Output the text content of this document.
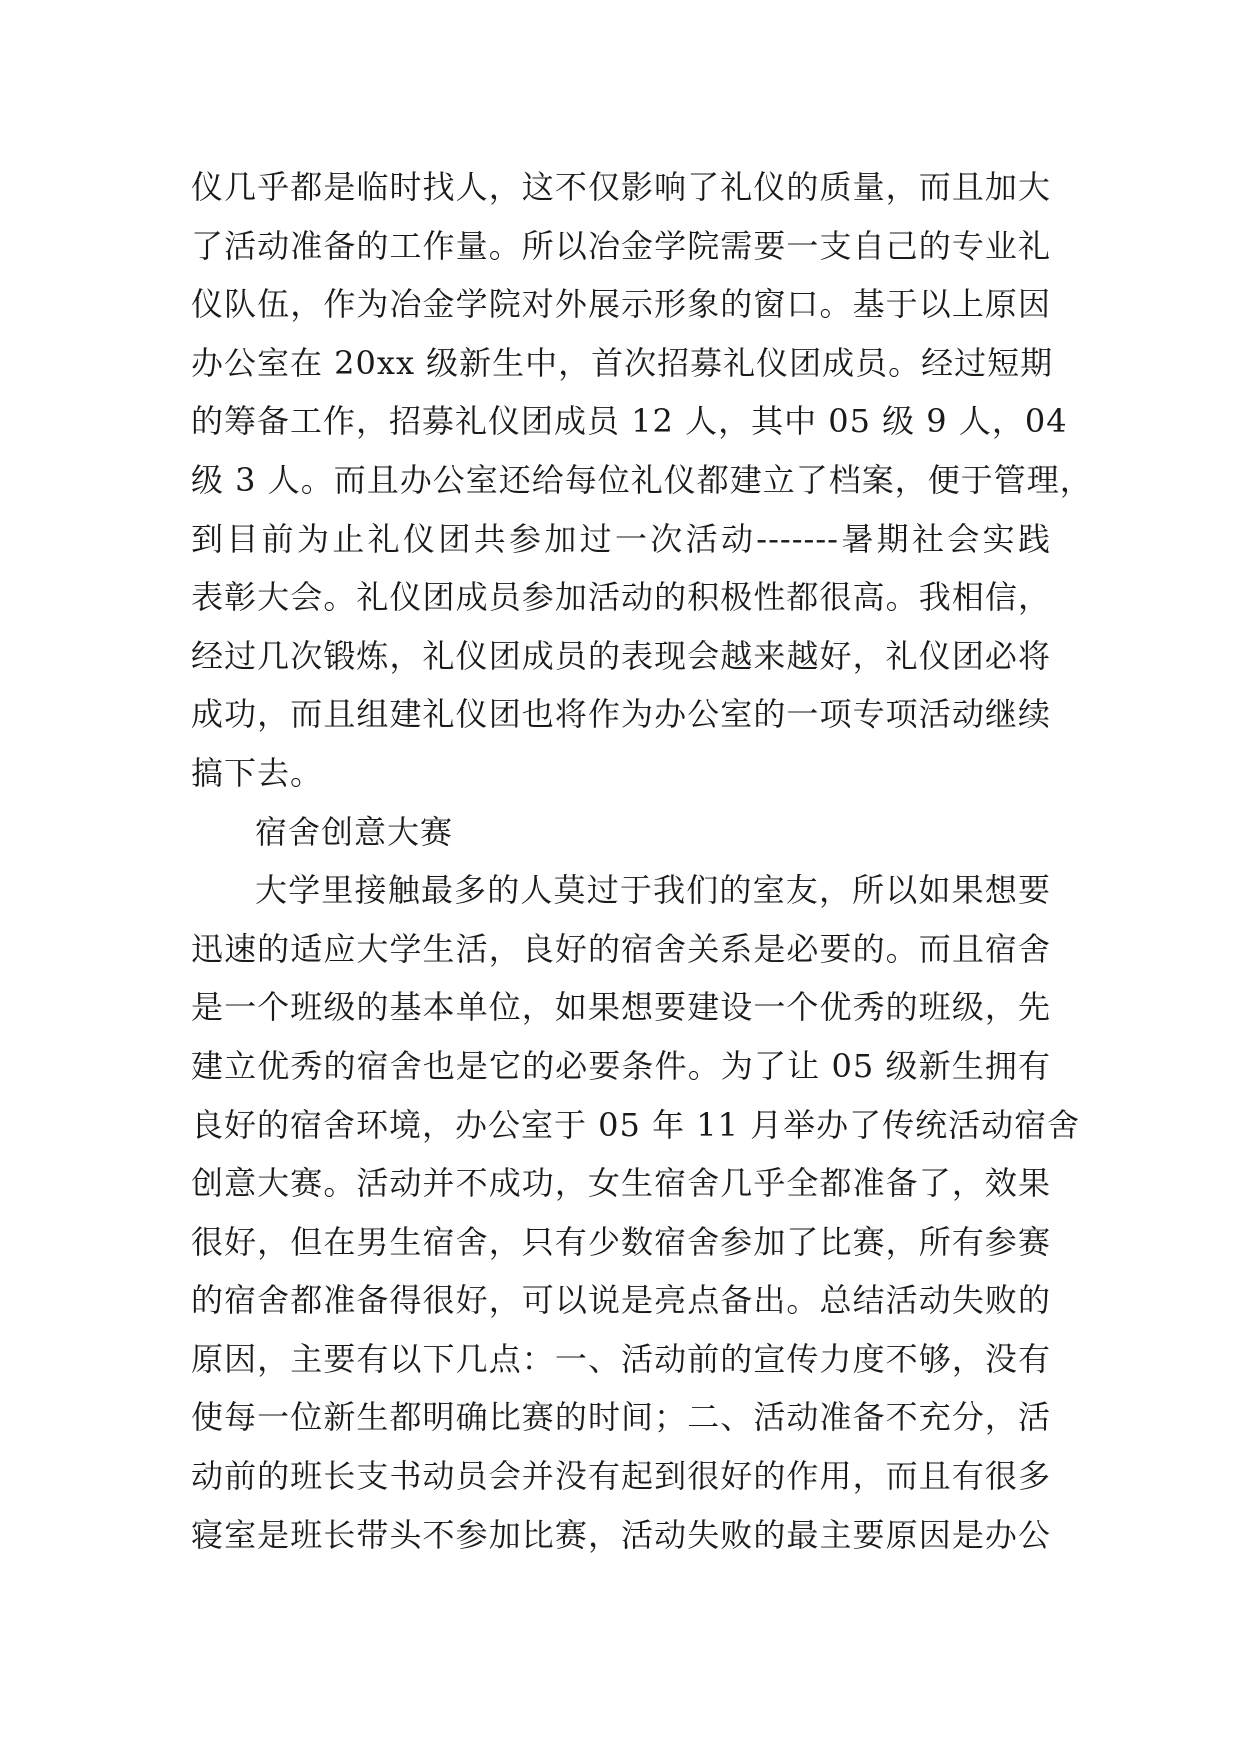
仪几乎都是临时找人，这不仅影响了礼仪的质量，而且加大
了活动准备的工作量。所以冶金学院需要一支自己的专业礼
仪队伍，作为冶金学院对外展示形象的窗口。基于以上原因
办公室在 20xx 级新生中，首次招募礼仪团成员。经过短期
的筹备工作，招募礼仪团成员 12 人，其中 05 级 9 人，04
级 3 人。而且办公室还给每位礼仪都建立了档案，便于管理，
到目前为止礼仪团共参加过一次活动-------暑期社会实践
表彰大会。礼仪团成员参加活动的积极性都很高。我相信，
经过几次锻炼，礼仪团成员的表现会越来越好，礼仪团必将
成功，而且组建礼仪团也将作为办公室的一项专项活动继续
搞下去。
宿舍创意大赛
大学里接触最多的人莫过于我们的室友，所以如果想要
迅速的适应大学生活，良好的宿舍关系是必要的。而且宿舍
是一个班级的基本单位，如果想要建设一个优秀的班级，先
建立优秀的宿舍也是它的必要条件。为了让 05 级新生拥有
良好的宿舍环境，办公室于 05 年 11 月举办了传统活动宿舍
创意大赛。活动并不成功，女生宿舍几乎全都准备了，效果
很好，但在男生宿舍，只有少数宿舍参加了比赛，所有参赛
的宿舍都准备得很好，可以说是亮点备出。总结活动失败的
原因，主要有以下几点：一、活动前的宣传力度不够，没有
使每一位新生都明确比赛的时间；二、活动准备不充分，活
动前的班长支书动员会并没有起到很好的作用，而且有很多
寝室是班长带头不参加比赛，活动失败的最主要原因是办公
